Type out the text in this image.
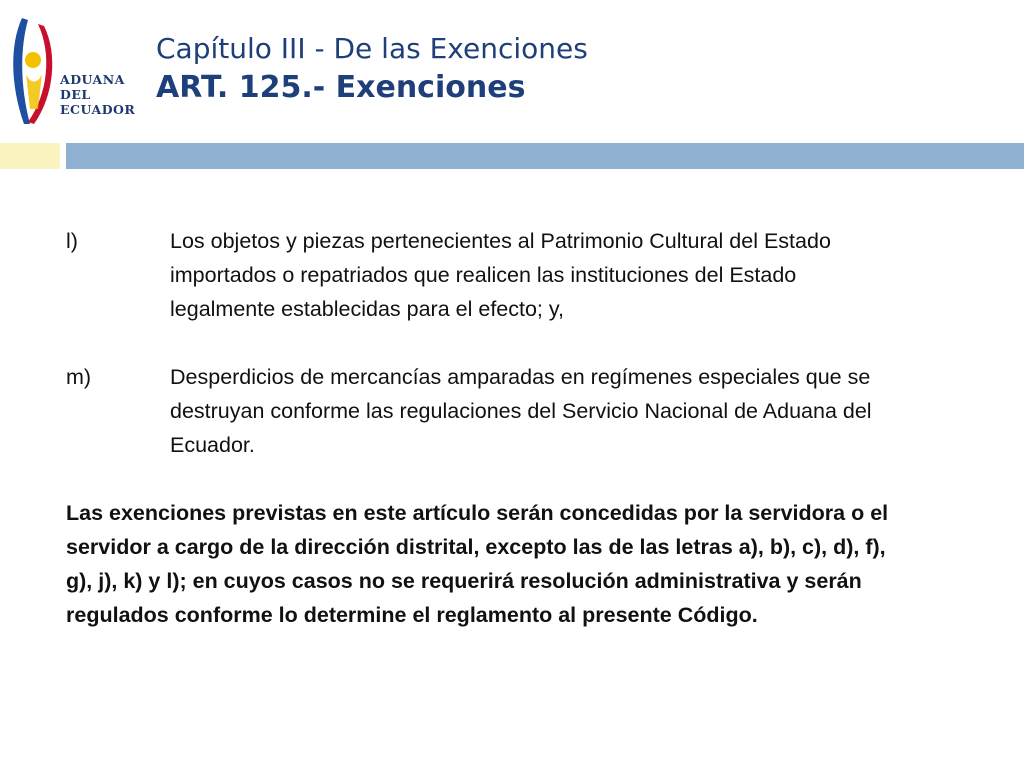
ADUANA
DEL
ECUADOR
Capítulo III - De las Exenciones
ART. 125.- Exenciones
l)	Los objetos y piezas pertenecientes al Patrimonio Cultural del Estado
importados o repatriados que realicen las instituciones del Estado
legalmente establecidas para el efecto; y,
m)	Desperdicios de mercancías amparadas en regímenes especiales que se
destruyan conforme las regulaciones del Servicio Nacional de Aduana del
Ecuador.
Las exenciones previstas en este artículo serán concedidas por la servidora o el
servidor a cargo de la dirección distrital, excepto las de las letras a), b), c), d), f),
g), j), k) y l); en cuyos casos no se requerirá resolución administrativa y serán
regulados conforme lo determine el reglamento al presente Código.
